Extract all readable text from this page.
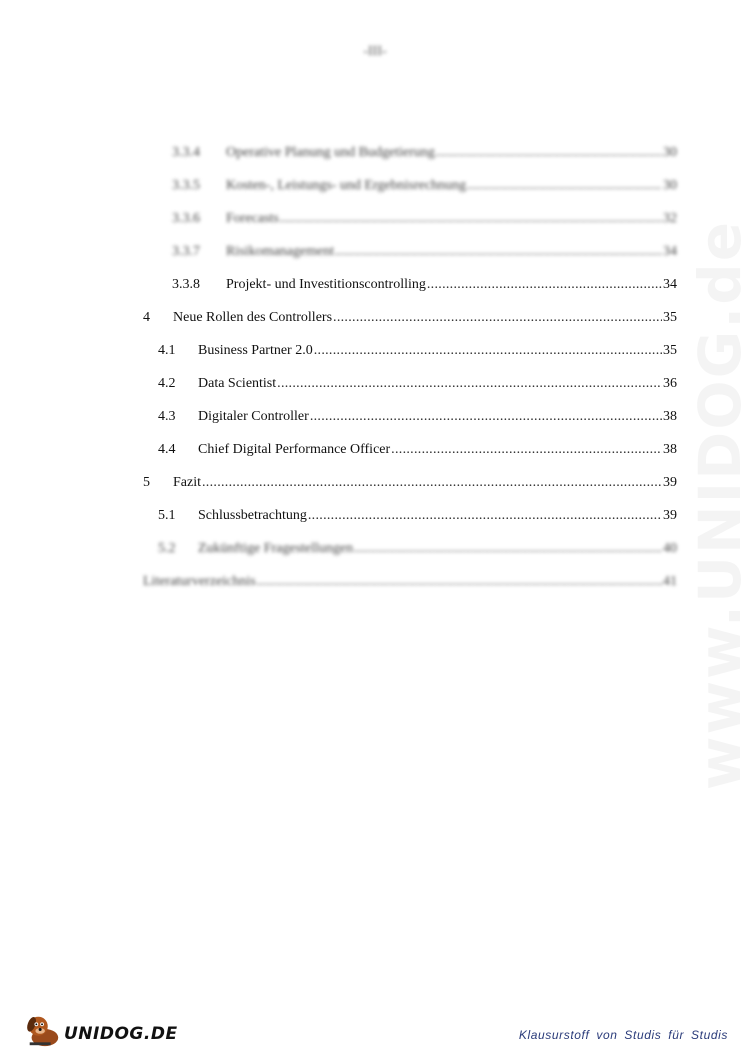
-III-
3.3.4	Operative Planung und Budgetierung . . .	30
3.3.5	Kosten-, Leistungs- und Ergebnisrechnung . . .	30
3.3.6	Forecasts . . .	32
3.3.7	Risikomanagement . . .	34
3.3.8	Projekt- und Investitionscontrolling . . .	34
4	Neue Rollen des Controllers . . .	35
4.1	Business Partner 2.0 . . .	35
4.2	Data Scientist . . .	36
4.3	Digitaler Controller . . .	38
4.4	Chief Digital Performance Officer . . .	38
5	Fazit . . .	39
5.1	Schlussbetrachtung . . .	39
5.2	Zukünftige Fragestellungen . . .	40
Literaturverzeichnis . . .	41
UNIDOG.DE	Klausurstoff von Studis für Studis
